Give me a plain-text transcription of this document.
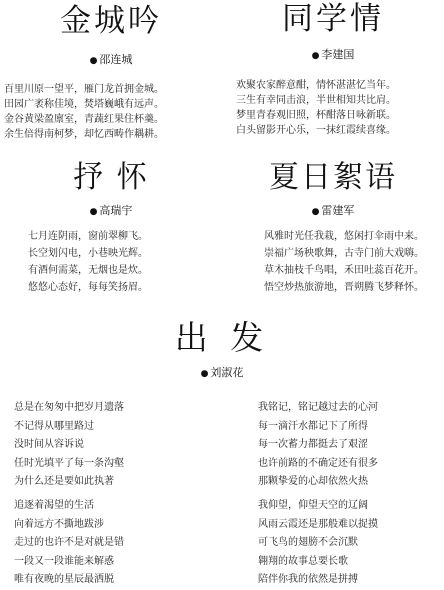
金城吟
● 邵连城
百里川原一望平，雁门龙首拥金城。
田园广袤称佳境，焚塔巍峨有远声。
金谷黄梁盈廪室，青蔬红果住杯羹。
余生倍得南柯梦，却忆西畴作耦耕。
同学情
● 李建国
欢聚农家醉意酣，情怀湛湛忆当年。
三生有幸同击浪，半世相知共比肩。
梦里青春观旧照，杯酣落日咏新联。
白头留影开心乐，一抹红霞续喜缘。
抒 怀
● 高瑞宇
七月连阴雨，窗前翠柳飞。
长空划闪电，小巷映光辉。
有酒何需菜，无烟也是炊。
悠悠心态好，每每笑扬眉。
夏日絮语
● 雷建军
风雅时光任我栽，悠闲打伞雨中来。
崇福广场秧歌舞，古寺门前大戏嗨。
草木抽枝千鸟唱，禾田吐蕊百花开。
悟空炒热旅游地，晋朔腾飞梦释怀。
出 发
● 刘淑花
总是在匆匆中把岁月遗落
不记得从哪里路过
没时间从容诉说
任时光填平了每一条沟壑
为什么还是要如此执著
我铭记，铭记越过去的心河
每一滴汗水都记下了所得
每一次蓄力都挺去了艰涩
也许前路的不确定还有很多
那颗挚爱的心却依然火热
追逐着渴望的生活
向着远方不撕地跋涉
走过的也许不是对就是错
一段又一段谁能来解惑
唯有夜晚的星辰最洒脱
我仰望，仰望天空的辽阔
风雨云霞还是那般难以捉摸
可飞鸟的翅膀不会沉默
翱翔的故事总要长歌
陪伴你我的依然是拼搏
